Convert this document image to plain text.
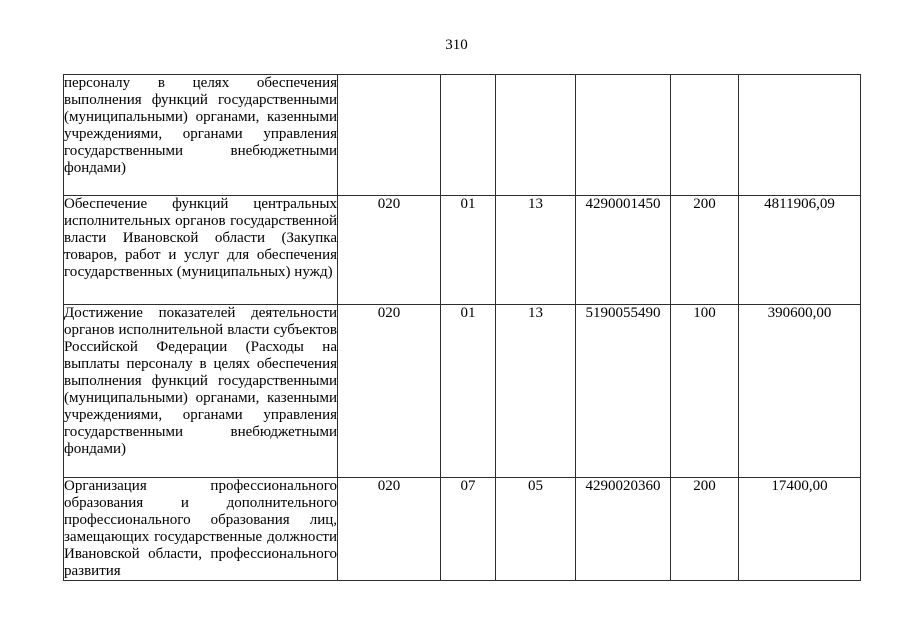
310
персоналу в целях обеспечения выполнения функций государственными (муниципальными) органами, казенными учреждениями, органами управления государственными внебюджетными фондами)						

Обеспечение функций центральных исполнительных органов государственной власти Ивановской области (Закупка товаров, работ и услуг для обеспечения государственных (муниципальных) нужд)	020	01	13	4290001450	200	4811906,09

Достижение показателей деятельности органов исполнительной власти субъектов Российской Федерации (Расходы на выплаты персоналу в целях обеспечения выполнения функций государственными (муниципальными) органами, казенными учреждениями, органами управления государственными внебюджетными фондами)	020	01	13	5190055490	100	390600,00

Организация профессионального образования и дополнительного профессионального образования лиц, замещающих государственные должности Ивановской области, профессионального развития	020	07	05	4290020360	200	17400,00
